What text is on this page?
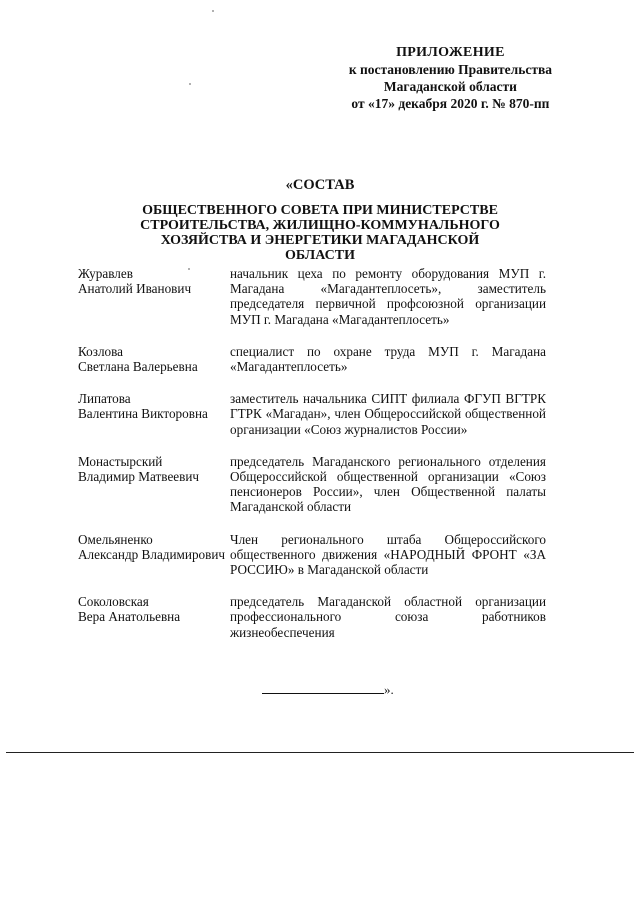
ПРИЛОЖЕНИЕ
к постановлению Правительства
Магаданской области
от «17» декабря 2020 г. № 870-пп
«СОСТАВ
ОБЩЕСТВЕННОГО СОВЕТА ПРИ МИНИСТЕРСТВЕ
СТРОИТЕЛЬСТВА, ЖИЛИЩНО-КОММУНАЛЬНОГО
ХОЗЯЙСТВА И ЭНЕРГЕТИКИ МАГАДАНСКОЙ
ОБЛАСТИ
Журавлев
Анатолий Иванович
начальник цеха по ремонту оборудования МУП г. Магадана «Магадантеплосеть», заместитель председателя первичной профсоюзной организации МУП г. Магадана «Магадантеплосеть»
Козлова
Светлана Валерьевна
специалист по охране труда МУП г. Магадана «Магадантеплосеть»
Липатова
Валентина Викторовна
заместитель начальника СИПТ филиала ФГУП ВГТРК ГТРК «Магадан», член Общероссийской общественной организации «Союз журналистов России»
Монастырский
Владимир Матвеевич
председатель Магаданского регионального отделения Общероссийской общественной организации «Союз пенсионеров России», член Общественной палаты Магаданской области
Омельяненко
Александр Владимирович
Член регионального штаба Общероссийского общественного движения «НАРОДНЫЙ ФРОНТ «ЗА РОССИЮ» в Магаданской области
Соколовская
Вера Анатольевна
председатель Магаданской областной организации профессионального союза работников жизнеобеспечения
».
